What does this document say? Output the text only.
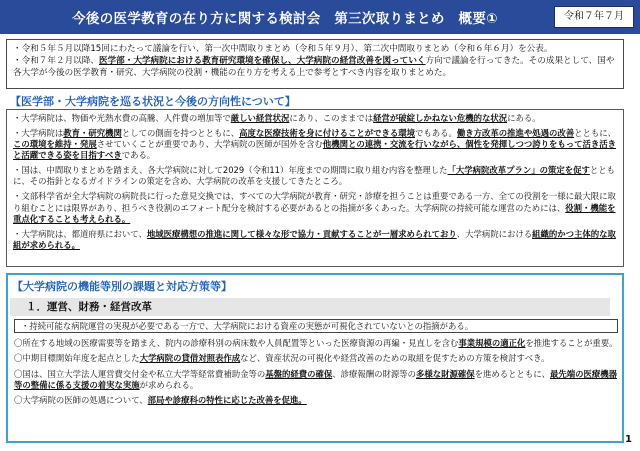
今後の医学教育の在り方に関する検討会　第三次取りまとめ　概要①	令和７年７月

・令和５年５月以降15回にわたって議論を行い、第一次中間取りまとめ（令和５年９月）、第二次中間取りまとめ（令和６年６月）を公表。

・令和７年２月以降、医学部・大学病院における教育研究環境を確保し、大学病院の経営改善を図っていく方向で議論を行ってきた。その成果として、国や各大学が今後の医学教育・研究、大学病院の役割・機能の在り方を考える上で参考とすべき内容を取りまとめた。

【医学部・大学病院を巡る状況と今後の方向性について】

・大学病院は、物価や光熱水費の高騰、人件費の増加等で厳しい経営状況にあり、このままでは経営が破綻しかねない危機的な状況にある。

・大学病院は教育・研究機関としての側面を持つとともに、高度な医療技術を身に付けることができる環境でもある。働き方改革の推進や処遇の改善とともに、この環境を維持・発展させていくことが重要であり、大学病院の医師が国外を含む他機関との連携・交流を行いながら、個性を発揮しつつ誇りをもって活き活きと活躍できる姿を目指すべきである。

・国は、中間取りまとめを踏まえ、各大学病院に対して2029（令和11）年度までの期間に取り組む内容を整理した「大学病院改革プラン」の策定を促すとともに、その指針となるガイドラインの策定を含め、大学病院の改革を支援してきたところ。

・文部科学省が全大学病院の病院長に行った意見交換では、すべての大学病院が教育・研究・診療を担うことは重要である一方、全ての役割を一様に最大限に取り組むことには限界があり、担うべき役割のエフォート配分を検討する必要があるとの指摘が多くあった。大学病院の持続可能な運営のためには、役割・機能を重点化することも考えられる。

・大学病院は、都道府県において、地域医療構想の推進に関して様々な形で協力・貢献することが一層求められており、大学病院における組織的かつ主体的な取組が求められる。

【大学病院の機能等別の課題と対応方策等】
１．運営、財務・経営改革
・持続可能な病院運営の実現が必要である一方で、大学病院における資産の実態が可視化されていないとの指摘がある。

〇所在する地域の医療需要等を踏まえ、院内の診療科別の病床数や人員配置等といった医療資源の再編・見直しを含む事業規模の適正化を推進することが重要。

〇中期目標開始年度を起点とした大学病院の貸借対照表作成など、資産状況の可視化や経営改善のための取組を促すための方策を検討すべき。

〇国は、国立大学法人運営費交付金や私立大学等経常費補助金等の基盤的経費の確保、診療報酬の財源等の多様な財源確保を進めるとともに、最先端の医療機器等の整備に係る支援の着実な実施が求められる。

〇大学病院の医師の処遇について、部局や診療科の特性に応じた改善を促進。

1
